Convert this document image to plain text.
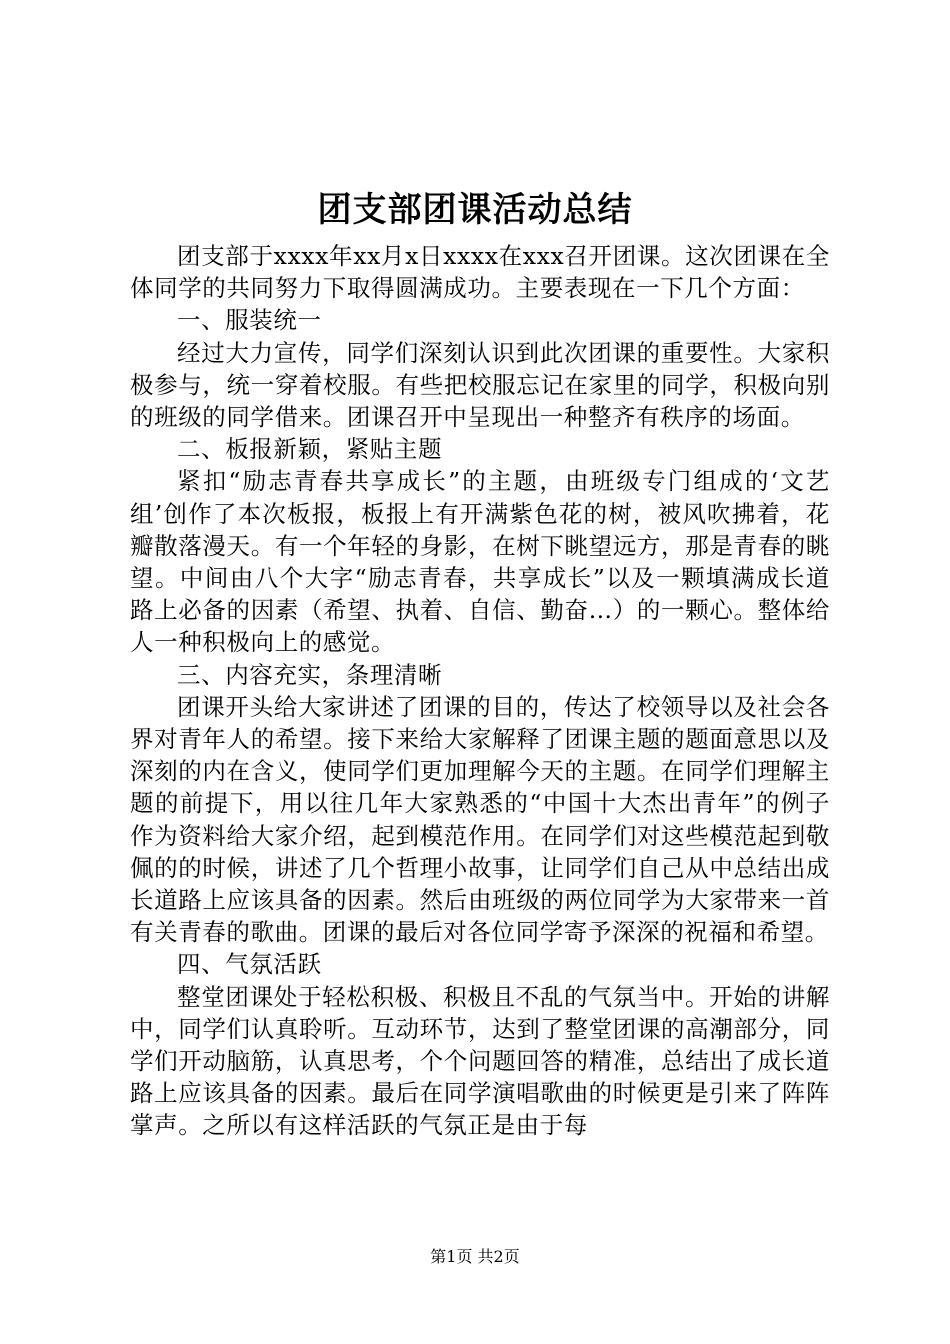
团支部团课活动总结

团支部于xxxx年xx月x日xxxx在xxx召开团课。这次团课在全体同学的共同努力下取得圆满成功。主要表现在一下几个方面：

一、服装统一

经过大力宣传，同学们深刻认识到此次团课的重要性。大家积极参与，统一穿着校服。有些把校服忘记在家里的同学，积极向别的班级的同学借来。团课召开中呈现出一种整齐有秩序的场面。

二、板报新颖，紧贴主题

紧扣“励志青春共享成长”的主题，由班级专门组成的‘文艺组’创作了本次板报，板报上有开满紫色花的树，被风吹拂着，花瓣散落漫天。有一个年轻的身影，在树下眺望远方，那是青春的眺望。中间由八个大字“励志青春，共享成长”以及一颗填满成长道路上必备的因素（希望、执着、自信、勤奋…）的一颗心。整体给人一种积极向上的感觉。

三、内容充实，条理清晰

团课开头给大家讲述了团课的目的，传达了校领导以及社会各界对青年人的希望。接下来给大家解释了团课主题的题面意思以及深刻的内在含义，使同学们更加理解今天的主题。在同学们理解主题的前提下，用以往几年大家熟悉的“中国十大杰出青年”的例子作为资料给大家介绍，起到模范作用。在同学们对这些模范起到敬佩的的时候，讲述了几个哲理小故事，让同学们自己从中总结出成长道路上应该具备的因素。然后由班级的两位同学为大家带来一首有关青春的歌曲。团课的最后对各位同学寄予深深的祝福和希望。

四、气氛活跃

整堂团课处于轻松积极、积极且不乱的气氛当中。开始的讲解中，同学们认真聆听。互动环节，达到了整堂团课的高潮部分，同学们开动脑筋，认真思考，个个问题回答的精准，总结出了成长道路上应该具备的因素。最后在同学演唱歌曲的时候更是引来了阵阵掌声。之所以有这样活跃的气氛正是由于每

第1页 共2页
